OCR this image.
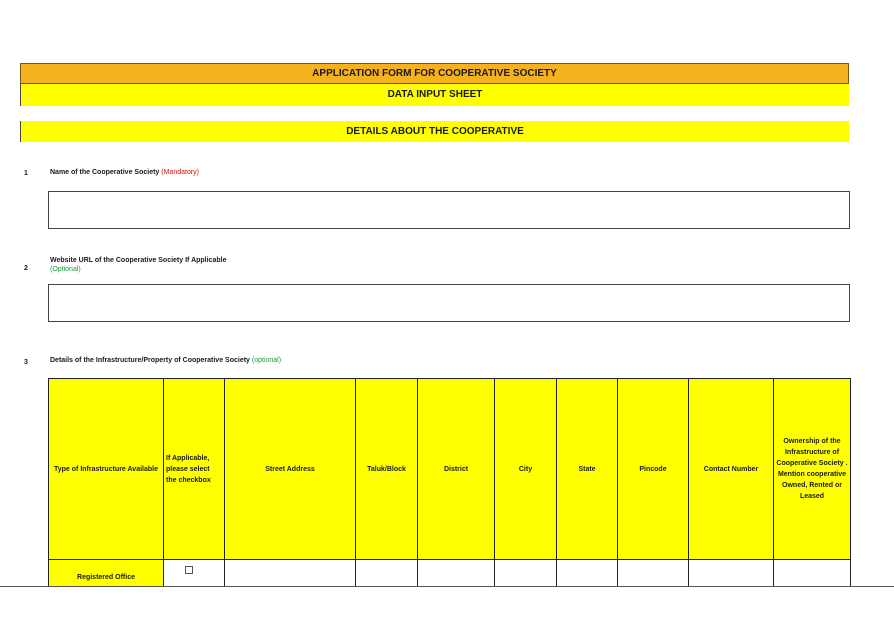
APPLICATION FORM FOR COOPERATIVE SOCIETY
DATA INPUT SHEET
DETAILS ABOUT THE COOPERATIVE
1	Name of the Cooperative Society (Mandatory)
2
Website URL of the Cooperative Society If Applicable
(Optional)
3	Details of the Infrastructure/Property of Cooperative Society (optional)
Type of Infrastructure Available	If Applicable, please select the checkbox	Street Address	Taluk/Block	District	City	State	Pincode	Contact Number	Ownership of the Infrastructure of Cooperative Society . Mention cooperative Owned, Rented or Leased
Registered Office	
